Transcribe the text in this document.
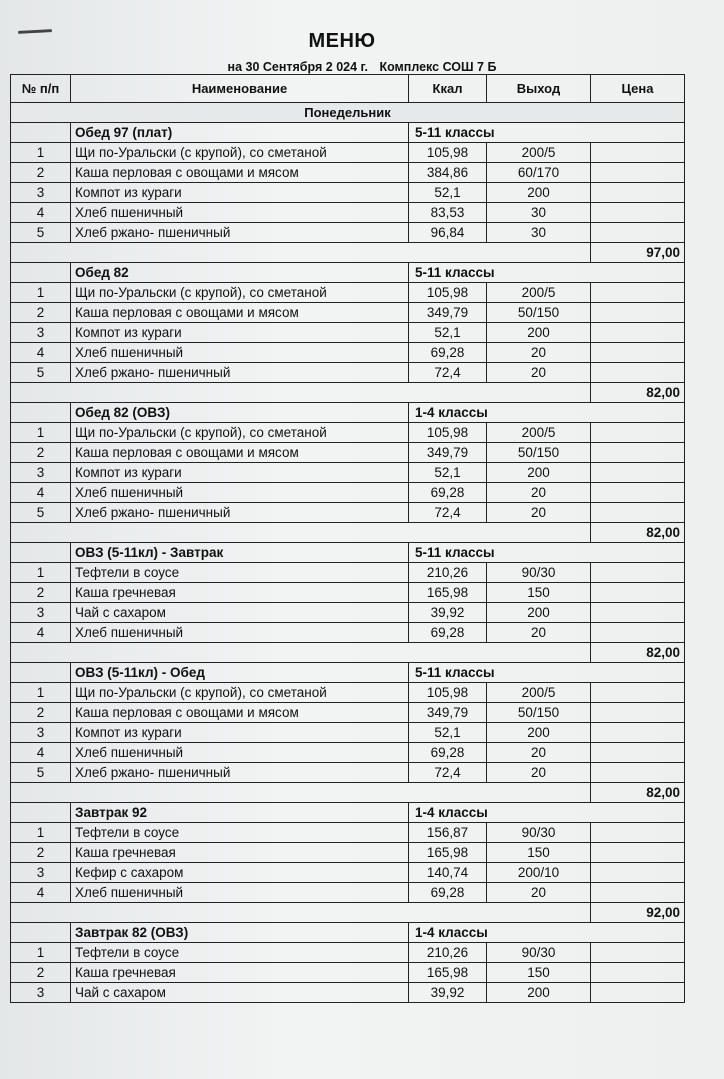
МЕНЮ
на 30 Сентября 2 024 г. Комплекс СОШ 7 Б
№ п/п	Наименование	Ккал	Выход	Цена
Понедельник				
	Обед 97 (плат)	5-11 классы		
1	Щи по-Уральски (с крупой), со сметаной	105,98	200/5	
2	Каша перловая с овощами и мясом	384,86	60/170	
3	Компот из кураги	52,1	200	
4	Хлеб пшеничный	83,53	30	
5	Хлеб ржано- пшеничный	96,84	30	
				97,00
	Обед 82	5-11 классы		
1	Щи по-Уральски (с крупой), со сметаной	105,98	200/5	
2	Каша перловая с овощами и мясом	349,79	50/150	
3	Компот из кураги	52,1	200	
4	Хлеб пшеничный	69,28	20	
5	Хлеб ржано- пшеничный	72,4	20	
				82,00
	Обед 82 (ОВЗ)	1-4 классы		
1	Щи по-Уральски (с крупой), со сметаной	105,98	200/5	
2	Каша перловая с овощами и мясом	349,79	50/150	
3	Компот из кураги	52,1	200	
4	Хлеб пшеничный	69,28	20	
5	Хлеб ржано- пшеничный	72,4	20	
				82,00
	ОВЗ (5-11кл) - Завтрак	5-11 классы		
1	Тефтели в соусе	210,26	90/30	
2	Каша гречневая	165,98	150	
3	Чай с сахаром	39,92	200	
4	Хлеб пшеничный	69,28	20	
				82,00
	ОВЗ (5-11кл) - Обед	5-11 классы		
1	Щи по-Уральски (с крупой), со сметаной	105,98	200/5	
2	Каша перловая с овощами и мясом	349,79	50/150	
3	Компот из кураги	52,1	200	
4	Хлеб пшеничный	69,28	20	
5	Хлеб ржано- пшеничный	72,4	20	
				82,00
	Завтрак 92	1-4 классы		
1	Тефтели в соусе	156,87	90/30	
2	Каша гречневая	165,98	150	
3	Кефир с сахаром	140,74	200/10	
4	Хлеб пшеничный	69,28	20	
				92,00
	Завтрак 82 (ОВЗ)	1-4 классы		
1	Тефтели в соусе	210,26	90/30	
2	Каша гречневая	165,98	150	
3	Чай с сахаром	39,92	200	
